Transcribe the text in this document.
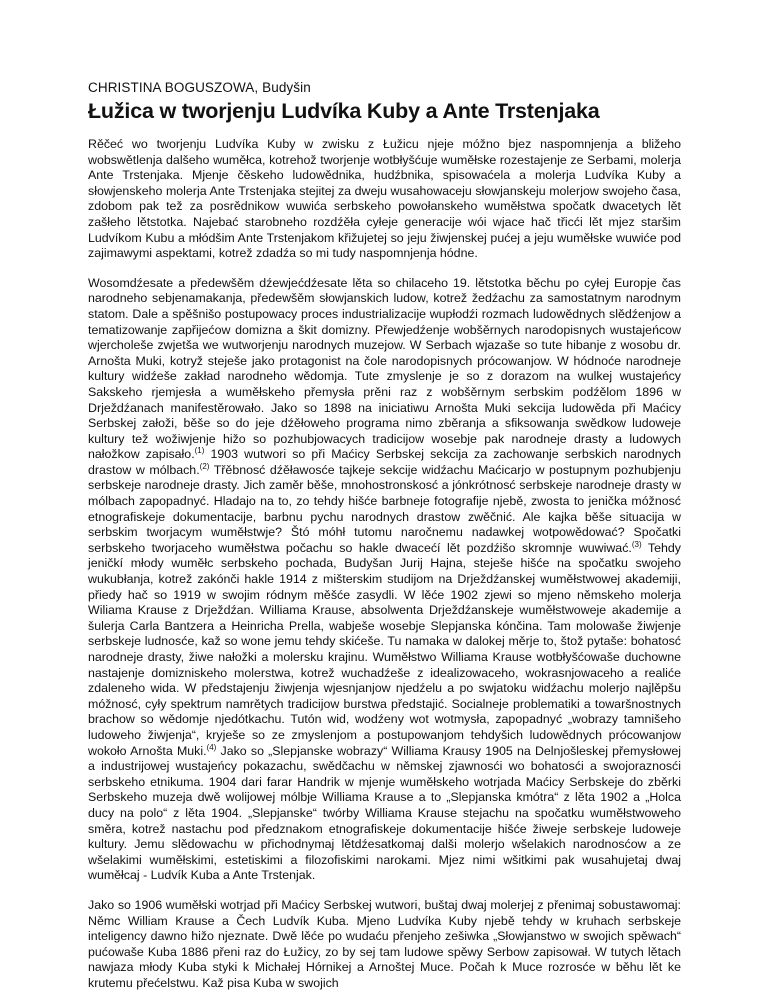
CHRISTINA BOGUSZOWA, Budyšin
Łužica w tworjenju Ludvíka Kuby a Ante Trstenjaka

Rěčeć wo tworjenju Ludvíka Kuby w zwisku z Łužicu njeje móžno bjez naspomnjenja a bližeho wobswětlenja dalšeho wuměłca, kotrehož tworjenje wotbłyšćuje wuměłske rozestajenje ze Serbami, molerja Ante Trstenjaka. Mjenje čěskeho ludowědnika, hudźbnika, spisowaćela a molerja Ludvíka Kuby a słowjenskeho molerja Ante Trstenjaka stejitej za dweju wusahowaceju słowjanskeju molerjow swojeho časa, zdobom pak tež za posrědnikow wuwića serbskeho powołanskeho wuměłstwa spočatk dwacetych lět zašłeho lětstotka. Najebać starobneho rozdźěła cyłeje generacije wói wjace hač třicći lět mjez staršim Ludvíkom Kubu a młódšim Ante Trstenjakom křižujetej so jeju žiwjenskej pućej a jeju wuměłske wuwiće pod zajimawymi aspektami, kotrež zdadźa so mi tudy naspomnjenja hódne.

Wosomdźesate a předewšěm dźewjećdźesate lěta so chilaceho 19. lětstotka běchu po cyłej Europje čas narodneho sebjenamakanja, předewšěm słowjanskich ludow, kotrež žedźachu za samostatnym narodnym statom. Dale a spěšnišo postupowacy proces industrializacije wupłodźi rozmach ludowědnych slědźenjow a tematizowanje zapřijećow domizna a škit domizny. Přewjedźenje wobšěrnych narodopisnych wustajeńcow wjercholeše zwjetša we wutworjenju narodnych muzejow. W Serbach wjazaše so tute hibanje z wosobu dr. Arnošta Muki, kotryž steješe jako protagonist na čole narodopisnych prócowanjow. W hódnoće narodneje kultury widźeše zakład narodneho wědomja. Tute zmyslenje je so z dorazom na wulkej wustajeńcy Sakskeho rjemjesła a wuměłskeho přemysła prěni raz z wobšěrnym serbskim podźělom 1896 w Drježdźanach manifestěrowało. Jako so 1898 na iniciatiwu Arnošta Muki sekcija ludowěda při Maćicy Serbskej załoži, běše so do jeje dźěłoweho programa nimo zběranja a sfiksowanja swědkow ludoweje kultury tež wožiwjenje hižo so pozhubjowacych tradicijow wosebje pak narodneje drasty a ludowych nałožkow zapisało.$^{(1)}$ 1903 wutwori so při Maćicy Serbskej sekcija za zachowanje serbskich narodnych drastow w mólbach.$^{(2)}$ Třěbnosć dźěławosće tajkeje sekcije widźachu Maćicarjo w postupnym pozhubjenju serbskeje narodneje drasty. Jich zaměr běše, mnohostronskosć a jónkrótnosć serbskeje narodneje drasty w mólbach zapopadnyć. Hladajo na to, zo tehdy hišće barbneje fotografije njebě, zwosta to jenička móžnosć etnografiskeje dokumentacije, barbnu pychu narodnych drastow zwěčnić. Ale kajka běše situacija w serbskim tworjacym wuměłstwje? Štó móhł tutomu naročnemu nadawkej wotpowědować? Spočatki serbskeho tworjaceho wuměłstwa počachu so hakle dwacećí lět pozdźišo skromnje wuwiwać.$^{(3)}$ Tehdy jeničkí młody wuměłc serbskeho pochada, Budyšan Jurij Hajna, steješe hišće na spočatku swojeho wukubłanja, kotrež zakónči hakle 1914 z mišterskim studijom na Drježdźanskej wuměłstwowej akademiji, přiedy hač so 1919 w swojim ródnym měšće zasydli. W lěće 1902 zjewi so mjeno němskeho molerja Wiliama Krause z Drježdźan. Williama Krause, absolwenta Drježdźanskeje wuměłstwoweje akademije a šulerja Carla Bantzera a Heinricha Prella, wabješe wosebje Slepjanska kónčina. Tam molowaše žiwjenje serbskeje ludnosće, kaž so wone jemu tehdy skićeše. Tu namaka w dalokej měrje to, štož pytaše: bohatosć narodneje drasty, žiwe nałožki a molersku krajinu. Wuměłstwo Williama Krause wotbłyšćowaše duchowne nastajenje domizniskeho molerstwa, kotrež wuchadźeše z idealizowaceho, wokrasnjowaceho a realiće zdaleneho wida. W předstajenju žiwjenja wjesnjanjow njedźelu a po swjatoku widźachu molerjo najlěpšu móžnosć, cyły spektrum namrětych tradicijow burstwa předstajić. Socialneje problematiki a towaršnostnych brachow so wědomje njedótkachu. Tutón wid, wodźeny wot wotmysła, zapopadnyć „wobrazy tamnišeho ludoweho žiwjenja“, kryješe so ze zmyslenjom a postupowanjom tehdyšich ludowědnych prócowanjow wokoło Arnošta Muki.$^{(4)}$ Jako so „Slepjanske wobrazy“ Williama Krausy 1905 na Delnjošleskej přemysłowej a industrijowej wustajeńcy pokazachu, swědčachu w němskej zjawnosći wo bohatosći a swojoraznosći serbskeho etnikuma. 1904 dari farar Handrik w mjenje wuměłskeho wotrjada Maćicy Serbskeje do zběrki Serbskeho muzeja dwě wolijowej mólbje Williama Krause a to „Slepjanska kmótra“ z lěta 1902 a „Holca ducy na polo“ z lěta 1904. „Slepjanske“ twórby Williama Krause stejachu na spočatku wuměłstwoweho směra, kotrež nastachu pod předznakom etnografiskeje dokumentacije hišće žiweje serbskeje ludoweje kultury. Jemu slědowachu w přichodnymaj lětdźesatkomaj dalši molerjo wšelakich narodnosćow a ze wšelakimi wuměłskimi, estetiskimi a filozofiskimi narokami. Mjez nimi wšitkimi pak wusahujetaj dwaj wuměłcaj - Ludvík Kuba a Ante Trstenjak.

Jako so 1906 wuměłski wotrjad při Maćicy Serbskej wutwori, buštaj dwaj molerjej z přenimaj sobustawomaj: Němc William Krause a Čech Ludvík Kuba. Mjeno Ludvíka Kuby njebě tehdy w kruhach serbskeje inteligency dawno hižo njeznate. Dwě lěće po wudaću přenjeho zešiwka „Słowjanstwo w swojich spěwach“ pućowaše Kuba 1886 přeni raz do Łužicy, zo by sej tam ludowe spěwy Serbow zapisował. W tutych lětach nawjaza młody Kuba styki k Michałej Hórnikej a Arnoštej Muce. Počah k Muce rozrosće w běhu lět ke krutemu přećelstwu. Kaž pisa Kuba w swojich
